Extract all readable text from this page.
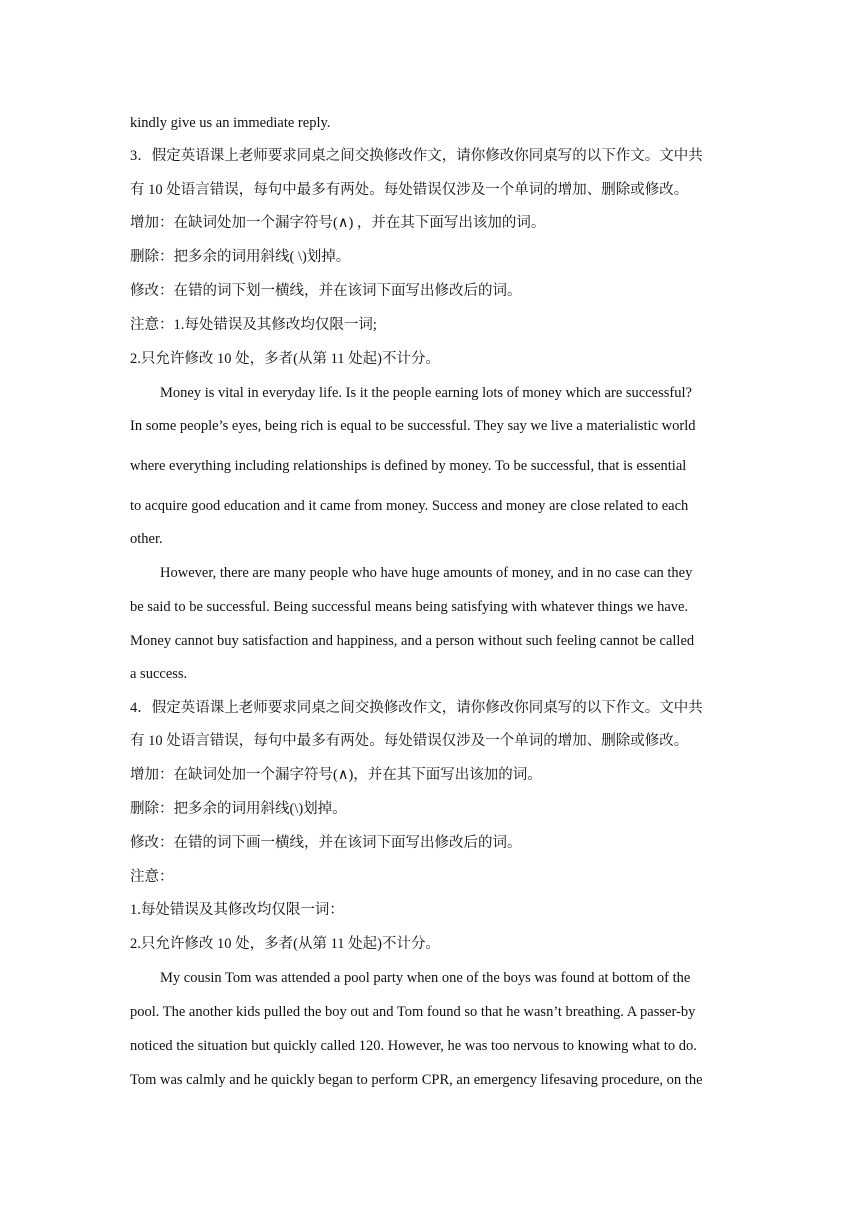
kindly give us an immediate reply.
3．假定英语课上老师要求同桌之间交换修改作文，请你修改你同桌写的以下作文。文中共
有 10 处语言错误，每句中最多有两处。每处错误仅涉及一个单词的增加、删除或修改。
增加：在缺词处加一个漏字符号(∧) ，并在其下面写出该加的词。
删除：把多余的词用斜线( \)划掉。
修改：在错的词下划一横线，并在该词下面写出修改后的词。
注意：1.每处错误及其修改均仅限一词;
2.只允许修改 10 处，多者(从第 11 处起)不计分。
Money is vital in everyday life. Is it the people earning lots of money which are successful?
In some people’s eyes, being rich is equal to be successful. They say we live a materialistic world
where everything including relationships is defined by money. To be successful, that is essential
to acquire good education and it came from money. Success and money are close related to each
other.
However, there are many people who have huge amounts of money, and in no case can they
be said to be successful. Being successful means being satisfying with whatever things we have.
Money cannot buy satisfaction and happiness, and a person without such feeling cannot be called
a success.
4．假定英语课上老师要求同桌之间交换修改作文，请你修改你同桌写的以下作文。文中共
有 10 处语言错误，每句中最多有两处。每处错误仅涉及一个单词的增加、删除或修改。
增加：在缺词处加一个漏字符号(∧)，并在其下面写出该加的词。
删除：把多余的词用斜线(\)划掉。
修改：在错的词下画一横线，并在该词下面写出修改后的词。
注意：
1.每处错误及其修改均仅限一词：
2.只允许修改 10 处，多者(从第 11 处起)不计分。
My cousin Tom was attended a pool party when one of the boys was found at bottom of the
pool. The another kids pulled the boy out and Tom found so that he wasn’t breathing. A passer-by
noticed the situation but quickly called 120. However, he was too nervous to knowing what to do.
Tom was calmly and he quickly began to perform CPR, an emergency lifesaving procedure, on the
